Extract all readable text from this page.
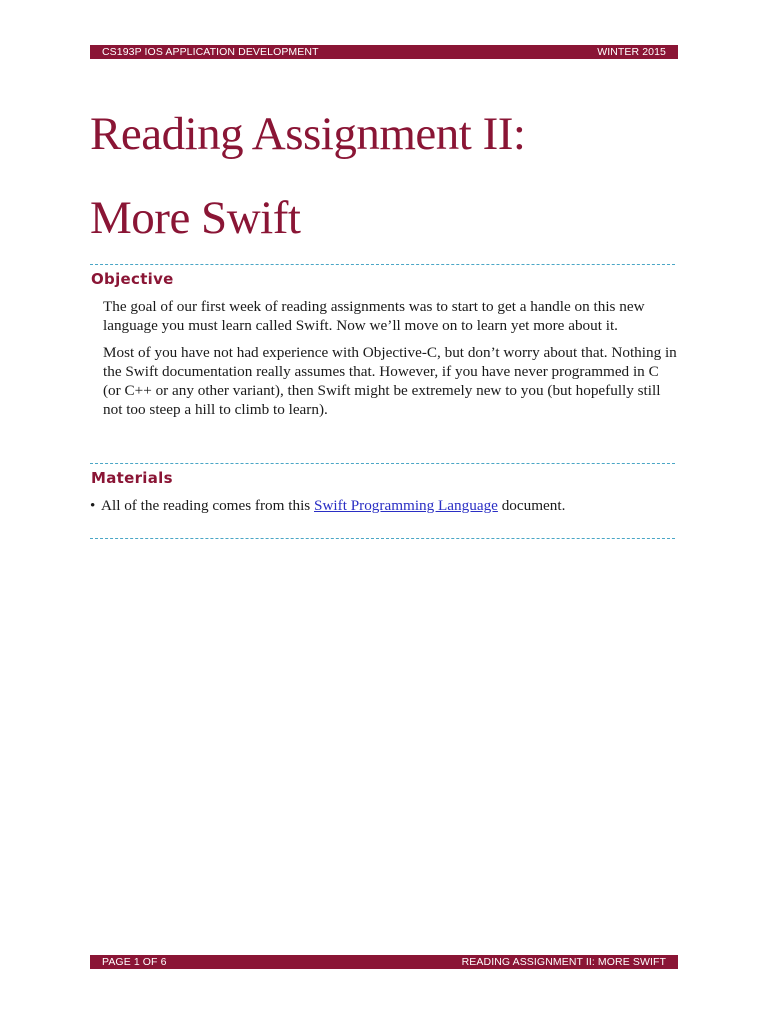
CS193P IOS APPLICATION DEVELOPMENT	WINTER 2015
Reading Assignment II:
More Swift
Objective

The goal of our first week of reading assignments was to start to get a handle on this new language you must learn called Swift. Now we’ll move on to learn yet more about it.

Most of you have not had experience with Objective-C, but don’t worry about that. Nothing in the Swift documentation really assumes that. However, if you have never programmed in C (or C++ or any other variant), then Swift might be extremely new to you (but hopefully still not too steep a hill to climb to learn).

Materials
• All of the reading comes from this Swift Programming Language document.
PAGE 1 OF 6	READING ASSIGNMENT II: MORE SWIFT
